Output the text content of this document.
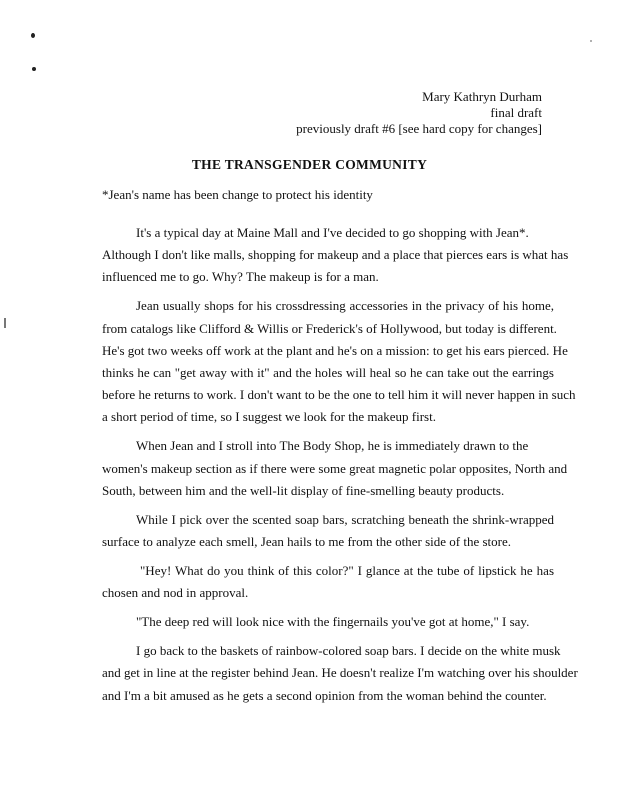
Mary Kathryn Durham
final draft
previously draft #6 [see hard copy for changes]
THE TRANSGENDER COMMUNITY
*Jean's name has been change to protect his identity

It's a typical day at Maine Mall and I've decided to go shopping with Jean*.
Although I don't like malls, shopping for makeup and a place that pierces ears is what has
influenced me to go. Why? The makeup is for a man.

Jean usually shops for his crossdressing accessories in the privacy of his home,
from catalogs like Clifford & Willis or Frederick's of Hollywood, but today is different.
He's got two weeks off work at the plant and he's on a mission: to get his ears pierced. He
thinks he can "get away with it" and the holes will heal so he can take out the earrings
before he returns to work. I don't want to be the one to tell him it will never happen in such
a short period of time, so I suggest we look for the makeup first.

When Jean and I stroll into The Body Shop, he is immediately drawn to the
women's makeup section as if there were some great magnetic polar opposites, North and
South, between him and the well-lit display of fine-smelling beauty products.

While I pick over the scented soap bars, scratching beneath the shrink-wrapped
surface to analyze each smell, Jean hails to me from the other side of the store.

"Hey! What do you think of this color?" I glance at the tube of lipstick he has
chosen and nod in approval.

"The deep red will look nice with the fingernails you've got at home," I say.

I go back to the baskets of rainbow-colored soap bars. I decide on the white musk
and get in line at the register behind Jean. He doesn't realize I'm watching over his shoulder
and I'm a bit amused as he gets a second opinion from the woman behind the counter.
